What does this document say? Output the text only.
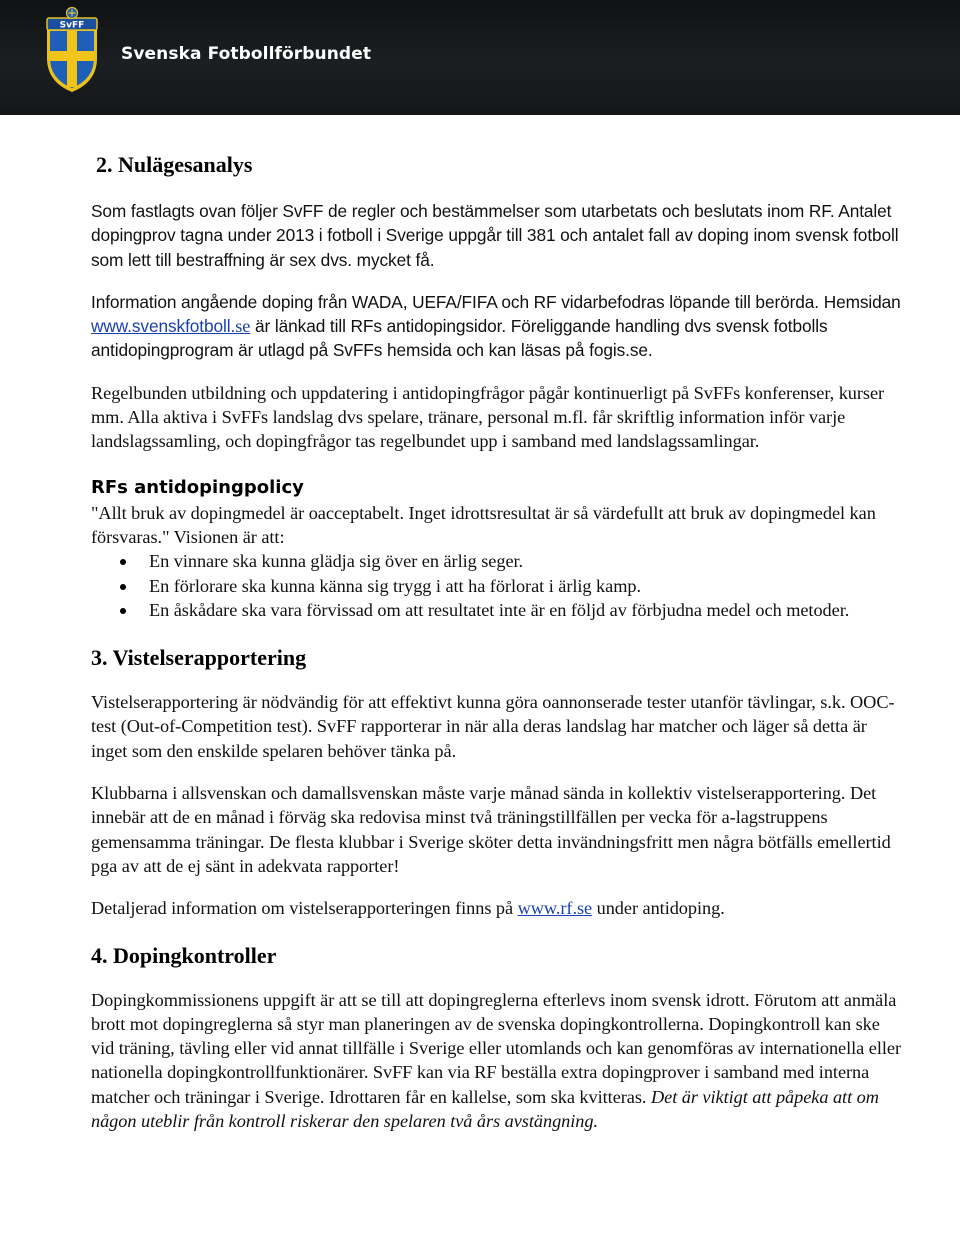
SvFF
Svenska Fotbollförbundet
2. Nulägesanalys

Som fastlagts ovan följer SvFF de regler och bestämmelser som utarbetats och beslutats inom RF. Antalet dopingprov tagna under 2013 i fotboll i Sverige uppgår till 381 och antalet fall av doping inom svensk fotboll som lett till bestraffning är sex dvs. mycket få.

Information angående doping från WADA, UEFA/FIFA och RF vidarbefodras löpande till berörda. Hemsidan www.svenskfotboll.se är länkad till RFs antidopingsidor. Föreliggande handling dvs svensk fotbolls antidopingprogram är utlagd på SvFFs hemsida och kan läsas på fogis.se.

Regelbunden utbildning och uppdatering i antidopingfrågor pågår kontinuerligt på SvFFs konferenser, kurser mm. Alla aktiva i SvFFs landslag dvs spelare, tränare, personal m.fl. får skriftlig information inför varje landslagssamling, och dopingfrågor tas regelbundet upp i samband med landslagssamlingar.

RFs antidopingpolicy

"Allt bruk av dopingmedel är oacceptabelt. Inget idrottsresultat är så värdefullt att bruk av dopingmedel kan försvaras." Visionen är att:

En vinnare ska kunna glädja sig över en ärlig seger.
En förlorare ska kunna känna sig trygg i att ha förlorat i ärlig kamp.
En åskådare ska vara förvissad om att resultatet inte är en följd av förbjudna medel och metoder.
3. Vistelserapportering

Vistelserapportering är nödvändig för att effektivt kunna göra oannonserade tester utanför tävlingar, s.k. OOC-test (Out-of-Competition test). SvFF rapporterar in när alla deras landslag har matcher och läger så detta är inget som den enskilde spelaren behöver tänka på.

Klubbarna i allsvenskan och damallsvenskan måste varje månad sända in kollektiv vistelserapportering. Det innebär att de en månad i förväg ska redovisa minst två träningstillfällen per vecka för a-lagstruppens gemensamma träningar. De flesta klubbar i Sverige sköter detta invändningsfritt men några bötfälls emellertid pga av att de ej sänt in adekvata rapporter!

Detaljerad information om vistelserapporteringen finns på www.rf.se under antidoping.

4. Dopingkontroller

Dopingkommissionens uppgift är att se till att dopingreglerna efterlevs inom svensk idrott. Förutom att anmäla brott mot dopingreglerna så styr man planeringen av de svenska dopingkontrollerna. Dopingkontroll kan ske vid träning, tävling eller vid annat tillfälle i Sverige eller utomlands och kan genomföras av internationella eller nationella dopingkontrollfunktionärer. SvFF kan via RF beställa extra dopingprover i samband med interna matcher och träningar i Sverige. Idrottaren får en kallelse, som ska kvitteras. Det är viktigt att påpeka att om någon uteblir från kontroll riskerar den spelaren två års avstängning.
